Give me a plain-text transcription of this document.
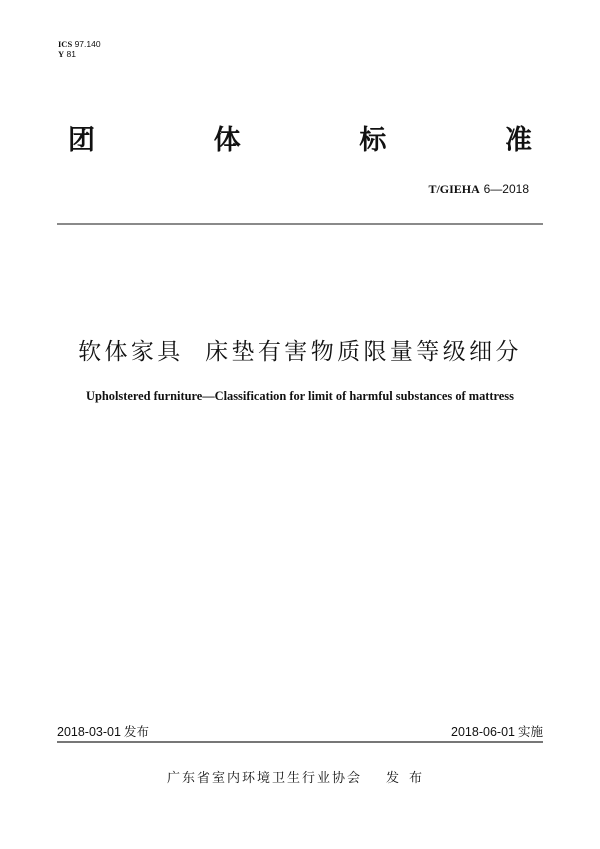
ICS 97.140
Y 81
团	体	标	准
T/GIEHA 6—2018
软体家具  床垫有害物质限量等级细分
Upholstered furniture—Classification for limit of harmful substances of mattress
2018-03-01 发布	2018-06-01 实施
广东省室内环境卫生行业协会 发布
